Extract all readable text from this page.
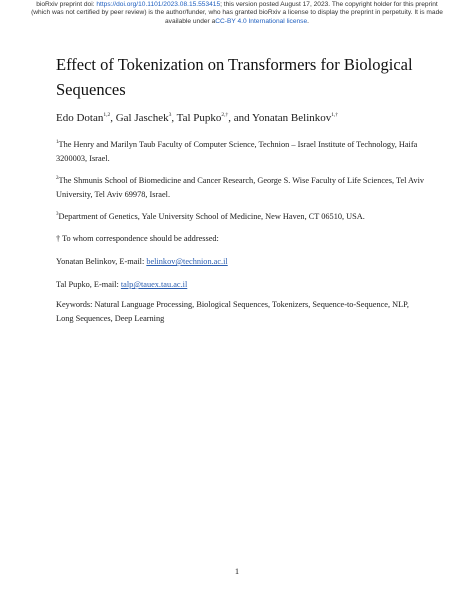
bioRxiv preprint doi: https://doi.org/10.1101/2023.08.15.553415; this version posted August 17, 2023. The copyright holder for this preprint
(which was not certified by peer review) is the author/funder, who has granted bioRxiv a license to display the preprint in perpetuity. It is made
available under aCC-BY 4.0 International license.
Effect of Tokenization on Transformers for Biological Sequences
Edo Dotan$^{1,2}$, Gal Jaschek$^3$, Tal Pupko$^{2,\dagger}$, and Yonatan Belinkov$^{1,\dagger}$
$^1$The Henry and Marilyn Taub Faculty of Computer Science, Technion – Israel Institute of Technology, Haifa 3200003, Israel.
$^2$The Shmunis School of Biomedicine and Cancer Research, George S. Wise Faculty of Life Sciences, Tel Aviv University, Tel Aviv 69978, Israel.
$^3$Department of Genetics, Yale University School of Medicine, New Haven, CT 06510, USA.
† To whom correspondence should be addressed:
Yonatan Belinkov, E-mail: belinkov@technion.ac.il
Tal Pupko, E-mail: talp@tauex.tau.ac.il
Keywords: Natural Language Processing, Biological Sequences, Tokenizers, Sequence-to-Sequence, NLP, Long Sequences, Deep Learning
1
